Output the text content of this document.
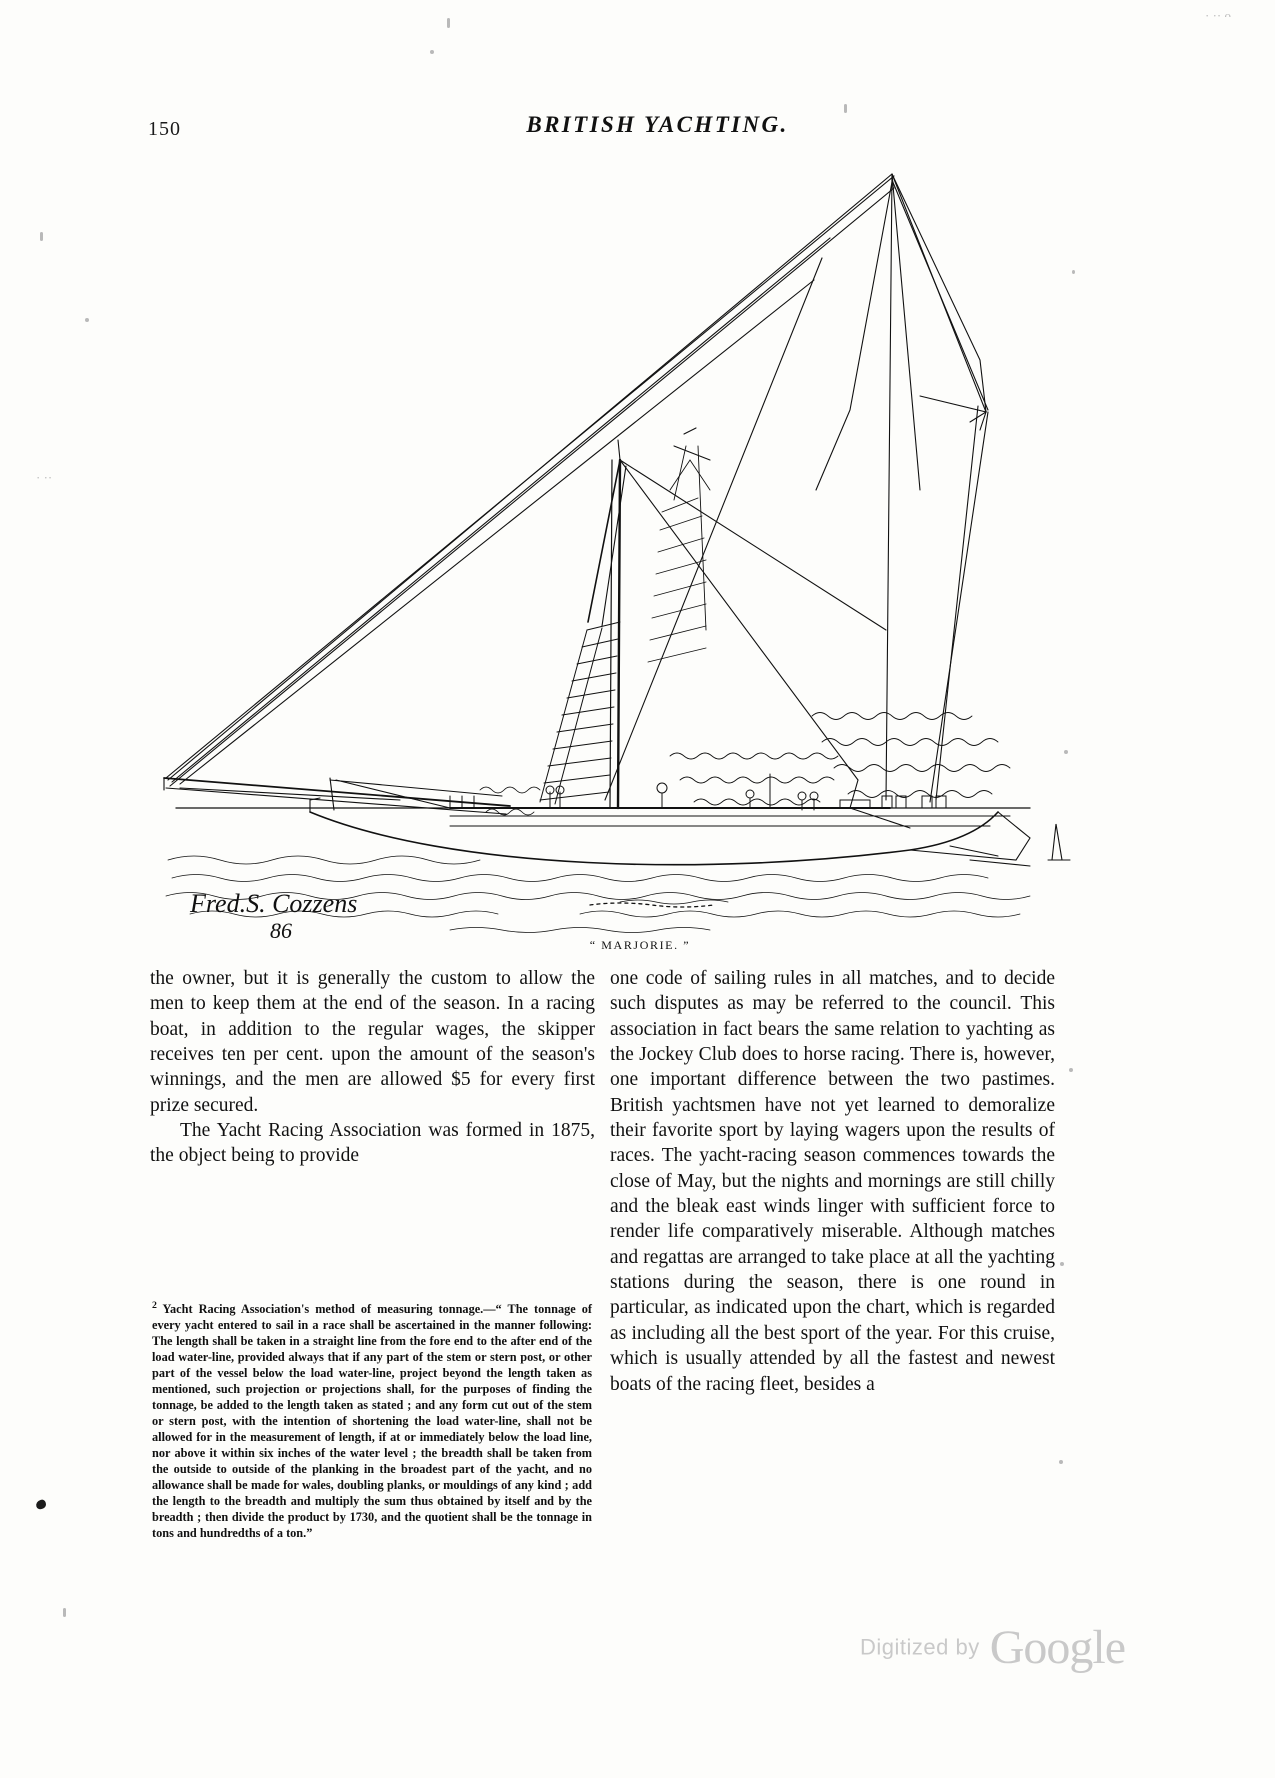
· ·· ᴖ
· ··
150	BRITISH YACHTING.
Fred.S. Cozzens
86
“ MARJORIE. ”

the owner, but it is generally the custom to allow the men to keep them at the end of the season. In a racing boat, in addition to the regular wages, the skipper receives ten per cent. upon the amount of the season's winnings, and the men are allowed $5 for every first prize secured.

The Yacht Racing Association was formed in 1875, the object being to provide

one code of sailing rules in all matches, and to decide such disputes as may be referred to the council. This association in fact bears the same relation to yachting as the Jockey Club does to horse racing. There is, however, one important difference between the two pastimes. British yachtsmen have not yet learned to demoralize their favorite sport by laying wagers upon the results of races. The yacht-racing season commences towards the close of May, but the nights and mornings are still chilly and the bleak east winds linger with sufficient force to render life comparatively miserable. Although matches and regattas are arranged to take place at all the yachting stations during the season, there is one round in particular, as indicated upon the chart, which is regarded as including all the best sport of the year. For this cruise, which is usually attended by all the fastest and newest boats of the racing fleet, besides a

$^2$ Yacht Racing Association's method of measuring tonnage.—“ The tonnage of every yacht entered to sail in a race shall be ascertained in the manner following: The length shall be taken in a straight line from the fore end to the after end of the load water-line, provided always that if any part of the stem or stern post, or other part of the vessel below the load water-line, project beyond the length taken as mentioned, such projection or projections shall, for the purposes of finding the tonnage, be added to the length taken as stated ; and any form cut out of the stem or stern post, with the intention of shortening the load water-line, shall not be allowed for in the measurement of length, if at or immediately below the load line, nor above it within six inches of the water level ; the breadth shall be taken from the outside to outside of the planking in the broadest part of the yacht, and no allowance shall be made for wales, doubling planks, or mouldings of any kind ; add the length to the breadth and multiply the sum thus obtained by itself and by the breadth ; then divide the product by 1730, and the quotient shall be the tonnage in tons and hundredths of a ton.”
Digitized by Google
